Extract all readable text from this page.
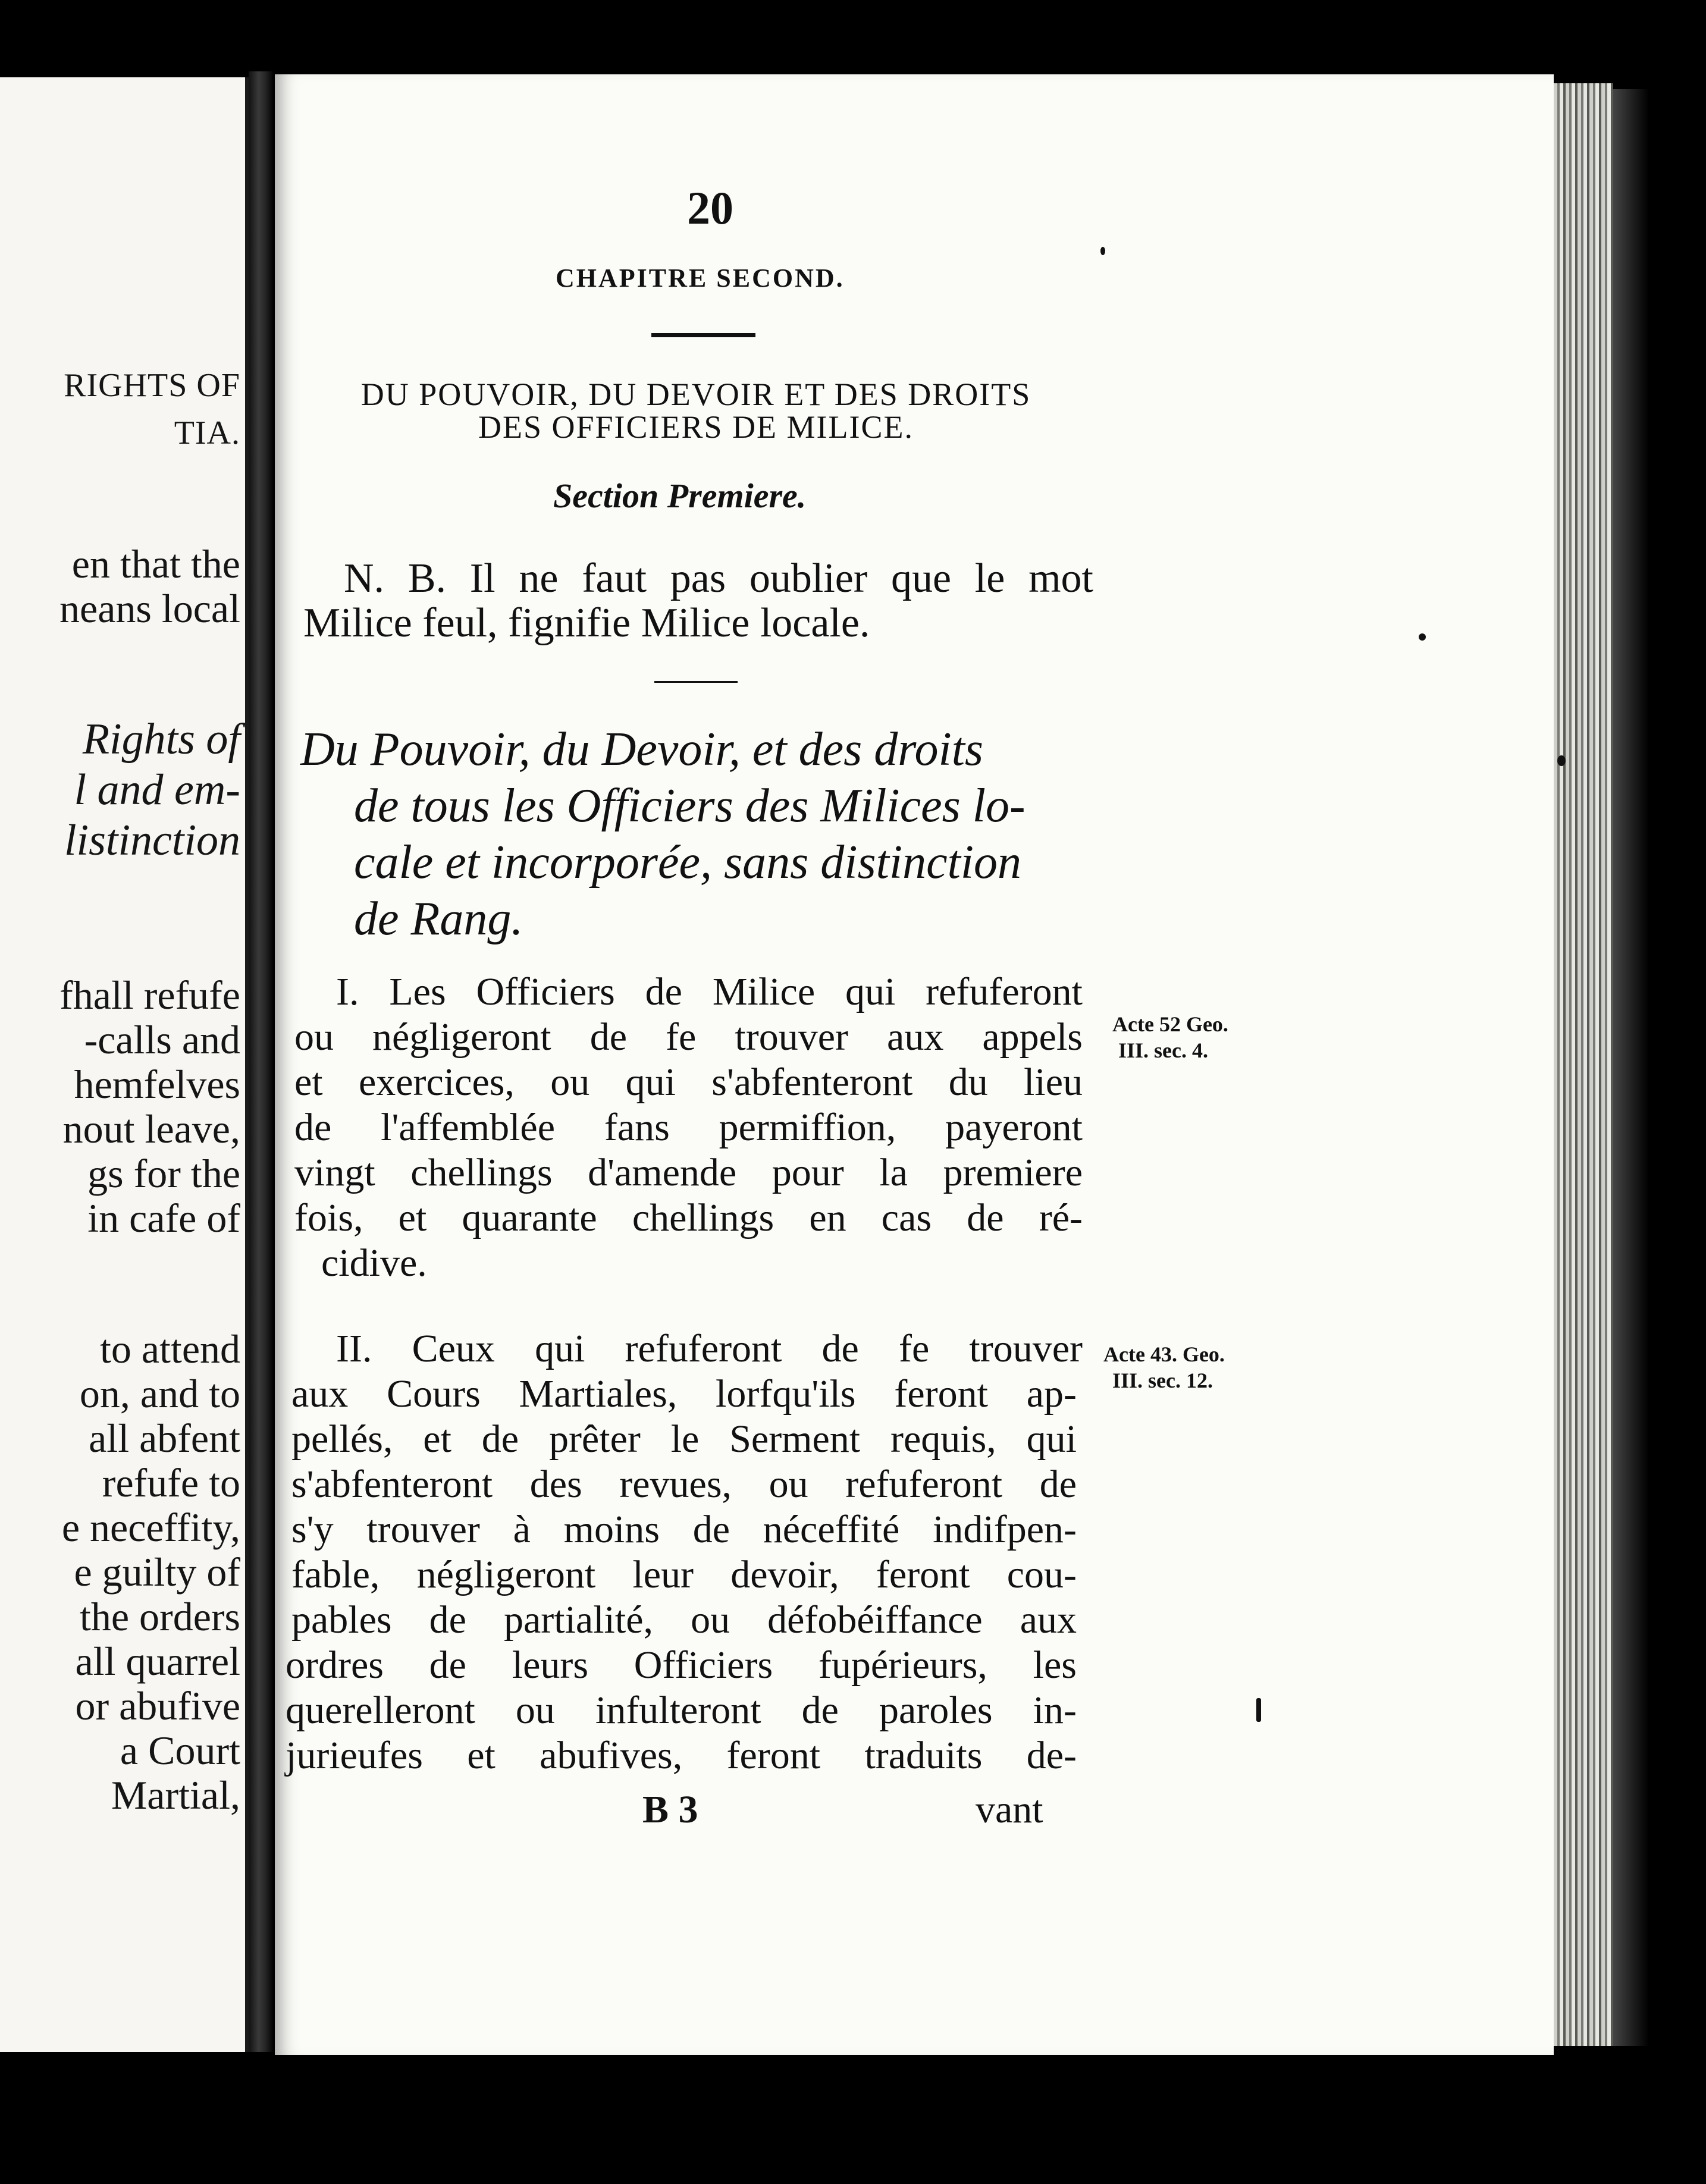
RIGHTS OF
TIA.
en that the
neans local
Rights of
l and em-
listinction
fhall refufe
-calls and
hemfelves
nout leave,
gs for the
in cafe of
to attend
on, and to
all abfent
refufe to
e neceffity,
e guilty of
the orders
all quarrel
or abufive
a Court
Martial,
20
CHAPITRE SECOND.
DU POUVOIR, DU DEVOIR ET DES DROITS
DES OFFICIERS DE MILICE.
Section Premiere.
N. B. Il ne faut pas oublier que le mot
Milice feul, fignifie Milice locale.
Du Pouvoir, du Devoir, et des droits
de tous les Officiers des Milices lo-
cale et incorporée, sans distinction
de Rang.
I. Les Officiers de Milice qui refuferont
ou négligeront de fe trouver aux appels
et exercices, ou qui s'abfenteront du lieu
de l'affemblée fans permiffion, payeront
vingt chellings d'amende pour la premiere
fois, et quarante chellings en cas de ré-
cidive.
II. Ceux qui refuferont de fe trouver
aux Cours Martiales, lorfqu'ils feront ap-
pellés, et de prêter le Serment requis, qui
s'abfenteront des revues, ou refuferont de
s'y trouver à moins de néceffité indifpen-
fable, négligeront leur devoir, feront cou-
pables de partialité, ou défobéiffance aux
ordres de leurs Officiers fupérieurs, les
querelleront ou infulteront de paroles in-
jurieufes et abufives, feront traduits de-
B 3	vant
Acte 52 Geo.
III. sec. 4.
Acte 43. Geo.
III. sec. 12.
